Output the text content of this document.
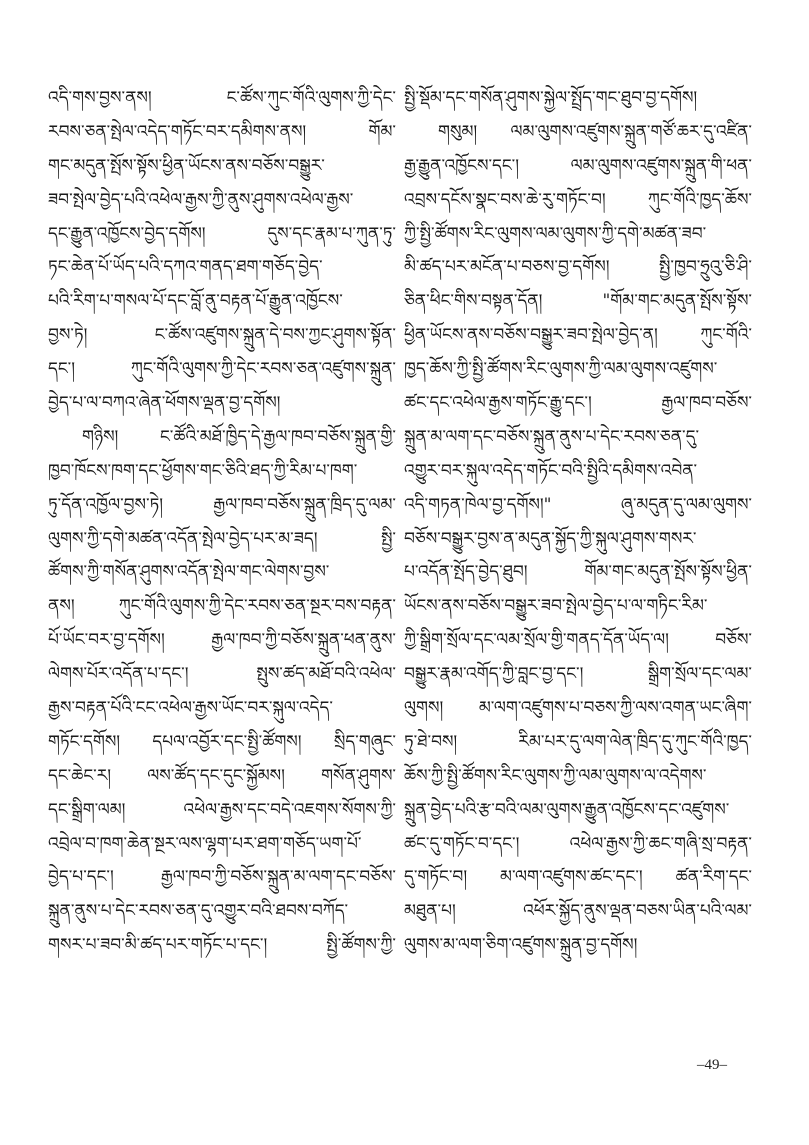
འདི་གས་བྱས་ནས། ང་ཚོས་ཀུང་གོའི་ལུགས་ཀྱི་དེང་
རབས་ཅན་སྤེལ་འདེད་གཏོང་བར་དམིགས་ནས། གོམ་
གང་མདུན་སྤོས་སྟོས་ཕྱིན་ཡོངས་ནས་བཅོས་བསྒྱུར་
ཟབ་སྤེལ་བྱེད་པའི་འཕེལ་རྒྱས་ཀྱི་ནུས་ཤུགས་འཕེལ་རྒྱས་
དང་རྒྱུན་འཁྱོངས་བྱེད་དགོས། དུས་དང་རྣམ་པ་ཀུན་ཏུ་
ཏང་ཆེན་པོ་ཡོད་པའི་དཀའ་གནད་ཐག་གཅོད་བྱེད་
པའི་རིག་པ་གསལ་པོ་དང་བློ་ནུ་བརྟན་པོ་རྒྱུན་འཁྱོངས་
བྱས་ཏེ། ང་ཚོས་འཛུགས་སྐྲུན་དེ་བས་ཀྱང་ཤུགས་སྟོན་
དང་། ཀུང་གོའི་ལུགས་ཀྱི་དེང་རབས་ཅན་འཛུགས་སྐྲུན་
བྱེད་པ་ལ་བཀའ་ཞེན་ཕོགས་ལྡན་བྱ་དགོས།
གཉིས། ང་ཚོའི་མཐོ་ཁྱིད་དེ་རྒྱལ་ཁབ་བཅོས་སྐྲུན་གྱི་
ཁྱབ་ཁོངས་ཁག་དང་ཕྱོགས་གང་ཅིའི་ཐད་ཀྱི་རིམ་པ་ཁག་
ཏུ་དོན་འཁྱོལ་བྱས་ཏེ། རྒྱལ་ཁབ་བཅོས་སྐྲུན་ཁྲིད་དུ་ལམ་
ལུགས་ཀྱི་དགེ་མཚན་འདོན་སྤེལ་བྱེད་པར་མ་ཟད། སྤྱི་
ཚོགས་ཀྱི་གསོན་ཤུགས་འདོན་སྤེལ་གང་ལེགས་བྱས་
ནས། ཀུང་གོའི་ལུགས་ཀྱི་དེང་རབས་ཅན་སྔར་བས་བརྟན་
པོ་ཡོང་བར་བྱ་དགོས། རྒྱལ་ཁབ་ཀྱི་བཅོས་སྐྲུན་ཕན་ནུས་
ལེགས་པོར་འདོན་པ་དང་། སྤུས་ཚད་མཐོ་བའི་འཕེལ་
རྒྱས་བརྟན་པོའི་ངང་འཕེལ་རྒྱས་ཡོང་བར་སྐུལ་འདེད་
གཏོང་དགོས། དཔལ་འབྱོར་དང་སྤྱི་ཚོགས། སྲིད་གཞུང་
དང་ཆེང་ར། ལས་ཚོད་དང་དུང་སྐྱོམས། གསོན་ཤུགས་
དང་སྒྲིག་ལམ། འཕེལ་རྒྱས་དང་བདེ་འཇགས་སོགས་ཀྱི་
འབྲེལ་བ་ཁག་ཆེན་སྔར་ལས་ལྷག་པར་ཐག་གཅོད་ཡག་པོ་
བྱེད་པ་དང་། རྒྱལ་ཁབ་ཀྱི་བཅོས་སྐྲུན་མ་ལག་དང་བཅོས་
སྐྲུན་ནུས་པ་དེང་རབས་ཅན་དུ་འགྱུར་བའི་ཐབས་བཀོད་
གསར་པ་ཟབ་མི་ཚད་པར་གཏོང་པ་དང་། སྤྱི་ཚོགས་ཀྱི་
སྤྱི་སྡོམ་དང་གསོན་ཤུགས་སྐྱེལ་སྤྲོད་གང་ཐུབ་བྱ་དགོས།
གསུམ། ལམ་ལུགས་འཛུགས་སྐྲུན་གཙོ་ཆར་དུ་འཛིན་
རྒྱ་རྒྱུན་འཁྱོངས་དང་། ལམ་ལུགས་འཛུགས་སྐྲུན་གི་ཕན་
འབྲས་དངོས་སྣང་བས་ཆེ་རུ་གཏོང་བ། ཀུང་གོའི་ཁྱད་ཆོས་
ཀྱི་སྤྱི་ཚོགས་རིང་ལུགས་ལམ་ལུགས་ཀྱི་དགེ་མཚན་ཟབ་
མི་ཚད་པར་མངོན་པ་བཅས་བྱ་དགོས། སྤྱི་ཁྱབ་ཧྲུའུ་ཅི་ཤི་
ཅིན་ཕིང་གིས་བསྟན་དོན། "གོམ་གང་མདུན་སྤོས་སྟོས་
ཕྱིན་ཡོངས་ནས་བཅོས་བསྒྱུར་ཟབ་སྤེལ་བྱེད་ན། ཀུང་གོའི་
ཁྱད་ཆོས་ཀྱི་སྤྱི་ཚོགས་རིང་ལུགས་ཀྱི་ལམ་ལུགས་འཛུགས་
ཚང་དང་འཕེལ་རྒྱས་གཏོང་རྒྱུ་དང་། རྒྱལ་ཁབ་བཅོས་
སྐྲུན་མ་ལག་དང་བཅོས་སྐྲུན་ནུས་པ་དེང་རབས་ཅན་དུ་
འགྱུར་བར་སྐུལ་འདེད་གཏོང་བའི་སྤྱིའི་དམིགས་འབེན་
འདི་གཏན་ཁེལ་བྱ་དགོས།" ཞུ་མདུན་དུ་ལམ་ལུགས་
བཅོས་བསྒྱུར་བྱས་ན་མདུན་སྐྱོད་ཀྱི་སྐུལ་ཤུགས་གསར་
པ་འདོན་སྤོད་བྱེད་ཐུབ། གོམ་གང་མདུན་སྤོས་སྟོས་ཕྱིན་
ཡོངས་ནས་བཅོས་བསྒྱུར་ཟབ་སྤེལ་བྱེད་པ་ལ་གཏིང་རིམ་
ཀྱི་སྒྲིག་སྲོལ་དང་ལམ་སྲོལ་གྱི་གནད་དོན་ཡོད་ལ། བཅོས་
བསྒྱུར་རྣམ་འགོད་ཀྱི་བླང་བྱ་དང་། སྒྲིག་སྲོལ་དང་ལམ་
ལུགས། མ་ལག་འཛུགས་པ་བཅས་ཀྱི་ལས་འགན་ཡང་ཞིག་
ཏུ་ཐེ་བས། རིམ་པར་དུ་ལག་ལེན་ཁྲིད་དུ་ཀུང་གོའི་ཁྱད་
ཆོས་ཀྱི་སྤྱི་ཚོགས་རིང་ལུགས་ཀྱི་ལམ་ལུགས་ལ་འདེགས་
སྐྲུན་བྱེད་པའི་རྩ་བའི་ལམ་ལུགས་རྒྱུན་འཁྱོངས་དང་འཛུགས་
ཚང་དུ་གཏོང་བ་དང་། འཕེལ་རྒྱས་ཀྱི་ཆང་གཞི་སྲ་བརྟན་
དུ་གཏོང་བ། མ་ལག་འཛུགས་ཚང་དང་། ཚན་རིག་དང་
མཐུན་པ། འཕོར་སྐྱོད་ནུས་ལྡན་བཅས་ཡིན་པའི་ལམ་
ལུགས་མ་ལག་ཅིག་འཛུགས་སྐྲུན་བྱ་དགོས།
–49–
